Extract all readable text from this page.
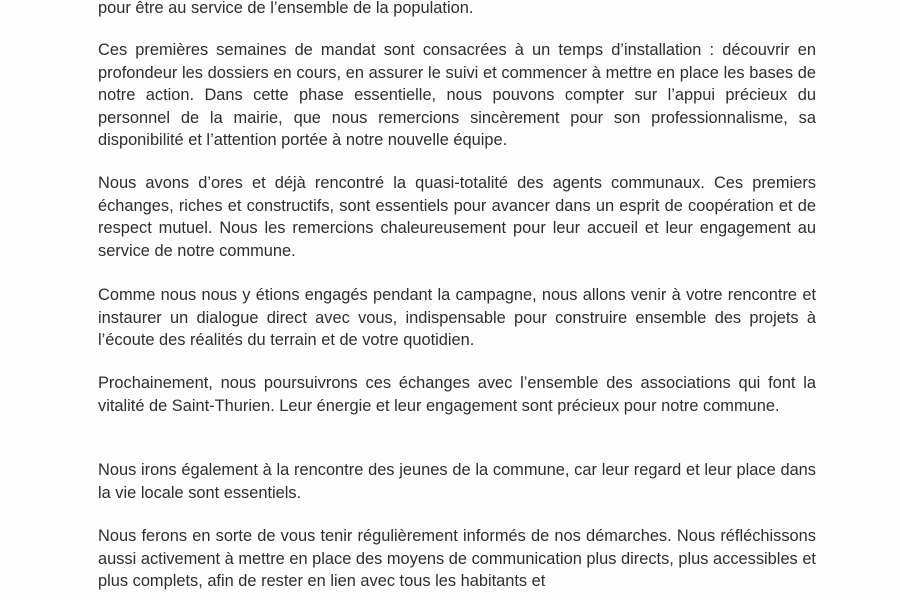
pour être au service de l’ensemble de la population.

Ces premières semaines de mandat sont consacrées à un temps d’installation : découvrir en profondeur les dossiers en cours, en assurer le suivi et commencer à mettre en place les bases de notre action. Dans cette phase essentielle, nous pouvons compter sur l’appui précieux du personnel de la mairie, que nous remercions sincèrement pour son professionnalisme, sa disponibilité et l’attention portée à notre nouvelle équipe.

Nous avons d’ores et déjà rencontré la quasi-totalité des agents communaux. Ces premiers échanges, riches et constructifs, sont essentiels pour avancer dans un esprit de coopération et de respect mutuel. Nous les remercions chaleureusement pour leur accueil et leur engagement au service de notre commune.

Comme nous nous y étions engagés pendant la campagne, nous allons venir à votre rencontre et instaurer un dialogue direct avec vous, indispensable pour construire ensemble des projets à l’écoute des réalités du terrain et de votre quotidien.

Prochainement, nous poursuivrons ces échanges avec l’ensemble des associations qui font la vitalité de Saint-Thurien. Leur énergie et leur engagement sont précieux pour notre commune.

Nous irons également à la rencontre des jeunes de la commune, car leur regard et leur place dans la vie locale sont essentiels.

Nous ferons en sorte de vous tenir régulièrement informés de nos démarches. Nous réfléchissons aussi activement à mettre en place des moyens de communication plus directs, plus accessibles et plus complets, afin de rester en lien avec tous les habitants et
